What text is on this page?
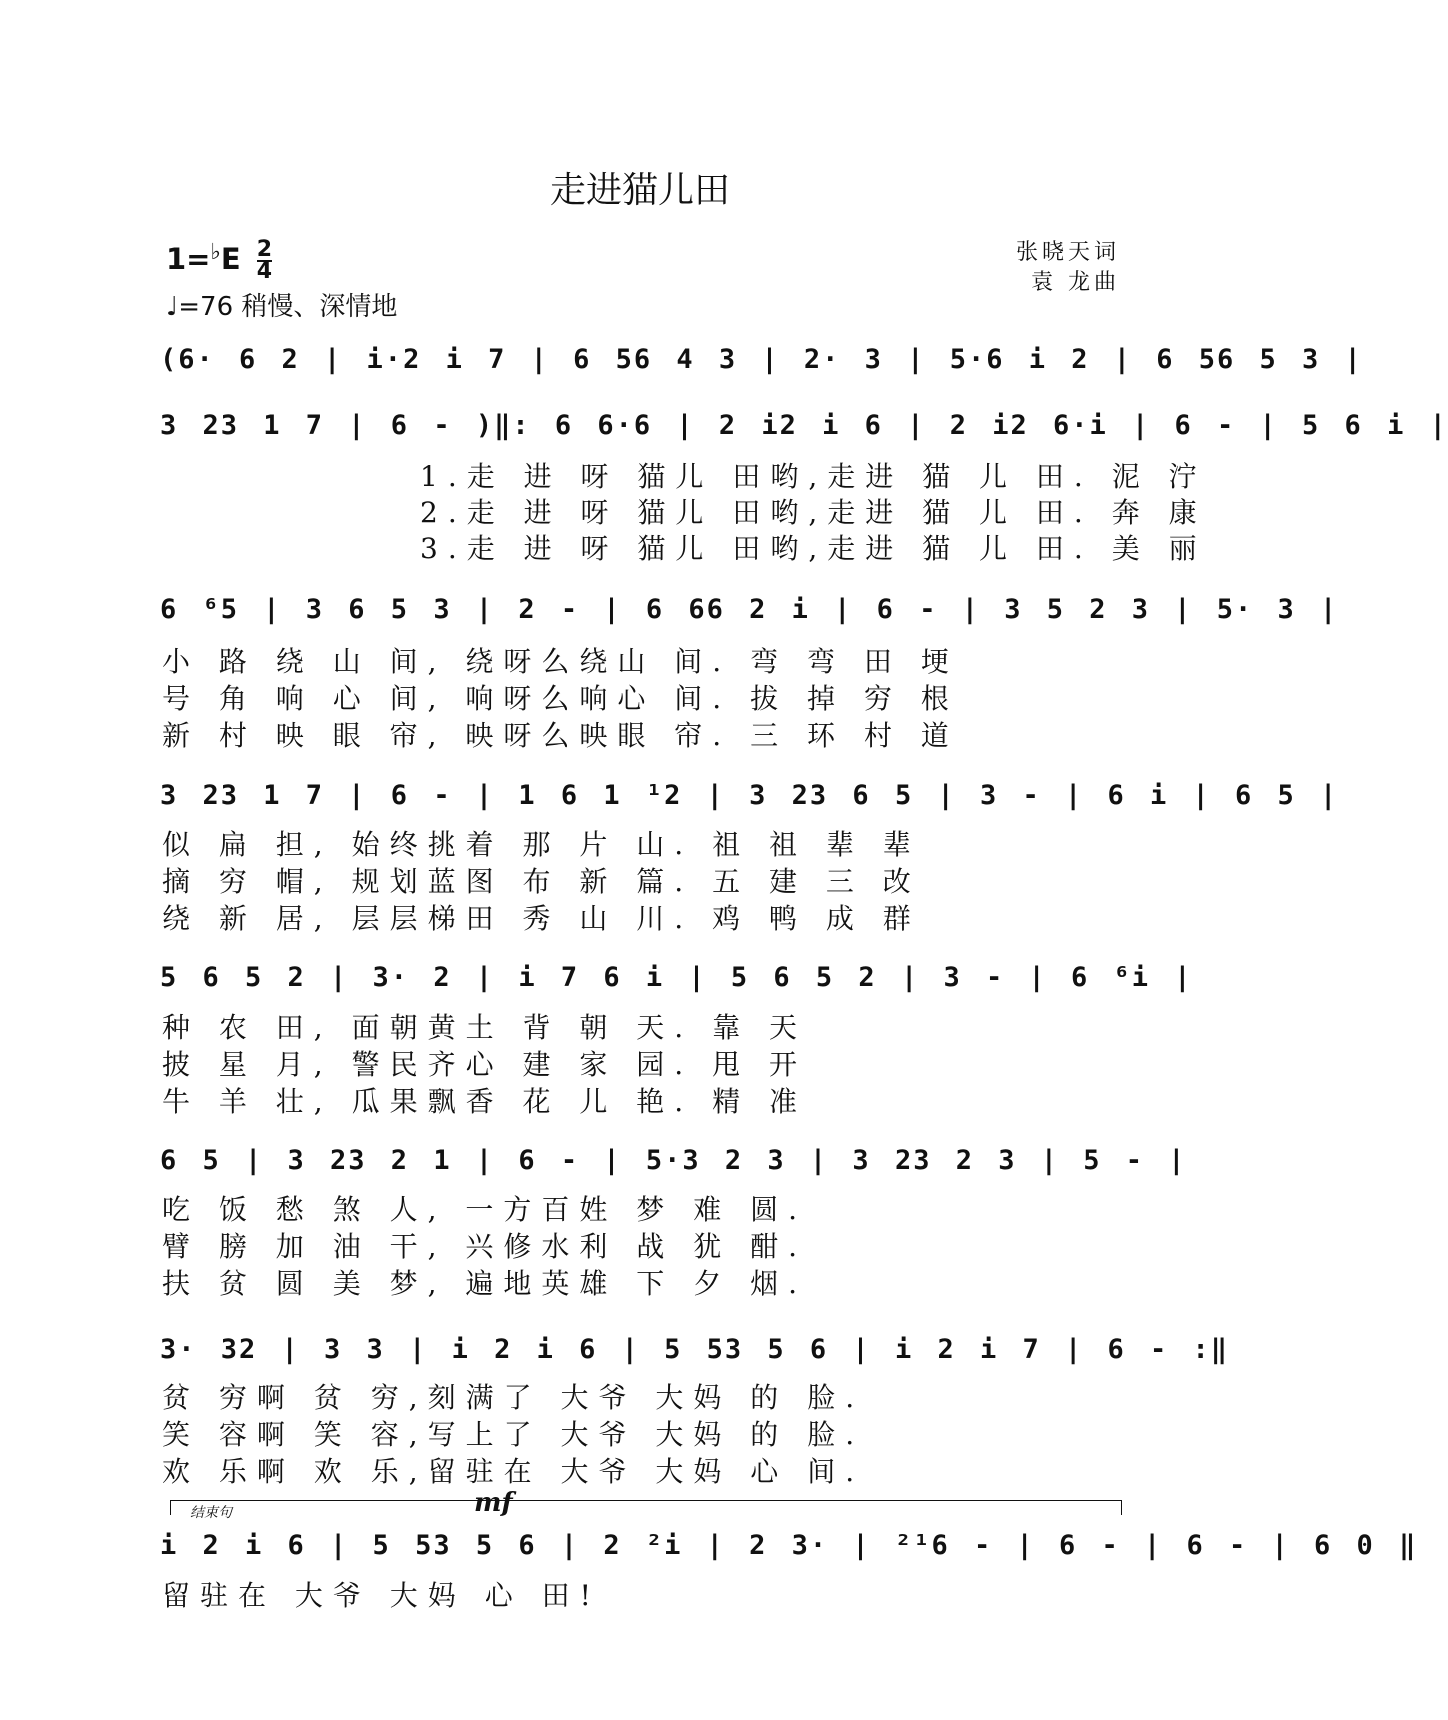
走进猫儿田
$1=^♭E \frac{2}{4}$
♩=76 稍慢、深情地
张晓天词
袁 龙曲
(6· 6 2 | i·2 i 7 | 6 56 4 3 | 2· 3 | 5·6 i 2 | 6 56 5 3 |
3 23 1 7 | 6 - )‖: 6 6·6 | 2 i2 i 6 | 2 i2 6·i | 6 - | 5 6 i |
1.走 进 呀 猫儿 田哟,走进 猫 儿 田. 泥 泞
2.走 进 呀 猫儿 田哟,走进 猫 儿 田. 奔 康
3.走 进 呀 猫儿 田哟,走进 猫 儿 田. 美 丽
6 ⁶5 | 3 6 5 3 | 2 - | 6 66 2 i | 6 - | 3 5 2 3 | 5· 3 |
小 路 绕 山 间, 绕呀么绕山 间. 弯 弯 田 埂
号 角 响 心 间, 响呀么响心 间. 拔 掉 穷 根
新 村 映 眼 帘, 映呀么映眼 帘. 三 环 村 道
3 23 1 7 | 6 - | 1 6 1 ¹2 | 3 23 6 5 | 3 - | 6 i | 6 5 |
似 扁 担, 始终挑着 那 片 山. 祖 祖 辈 辈
摘 穷 帽, 规划蓝图 布 新 篇. 五 建 三 改
绕 新 居, 层层梯田 秀 山 川. 鸡 鸭 成 群
5 6 5 2 | 3· 2 | i 7 6 i | 5 6 5 2 | 3 - | 6 ⁶i |
种 农 田, 面朝黄土 背 朝 天. 靠 天
披 星 月, 警民齐心 建 家 园. 甩 开
牛 羊 壮, 瓜果飘香 花 儿 艳. 精 准
6 5 | 3 23 2 1 | 6 - | 5·3 2 3 | 3 23 2 3 | 5 - |
吃 饭 愁 煞 人, 一方百姓 梦 难 圆.
臂 膀 加 油 干, 兴修水利 战 犹 酣.
扶 贫 圆 美 梦, 遍地英雄 下 夕 烟.
3· 32 | 3 3 | i 2 i 6 | 5 53 5 6 | i 2 i 7 | 6 - :‖
贫 穷啊 贫 穷,刻满了 大爷 大妈 的 脸.
笑 容啊 笑 容,写上了 大爷 大妈 的 脸.
欢 乐啊 欢 乐,留驻在 大爷 大妈 心 间.
结束句	mf
i 2 i 6 | 5 53 5 6 | 2 ²i | 2 3· | ²¹6 - | 6 - | 6 - | 6 0 ‖
留驻在 大爷 大妈 心 田!
